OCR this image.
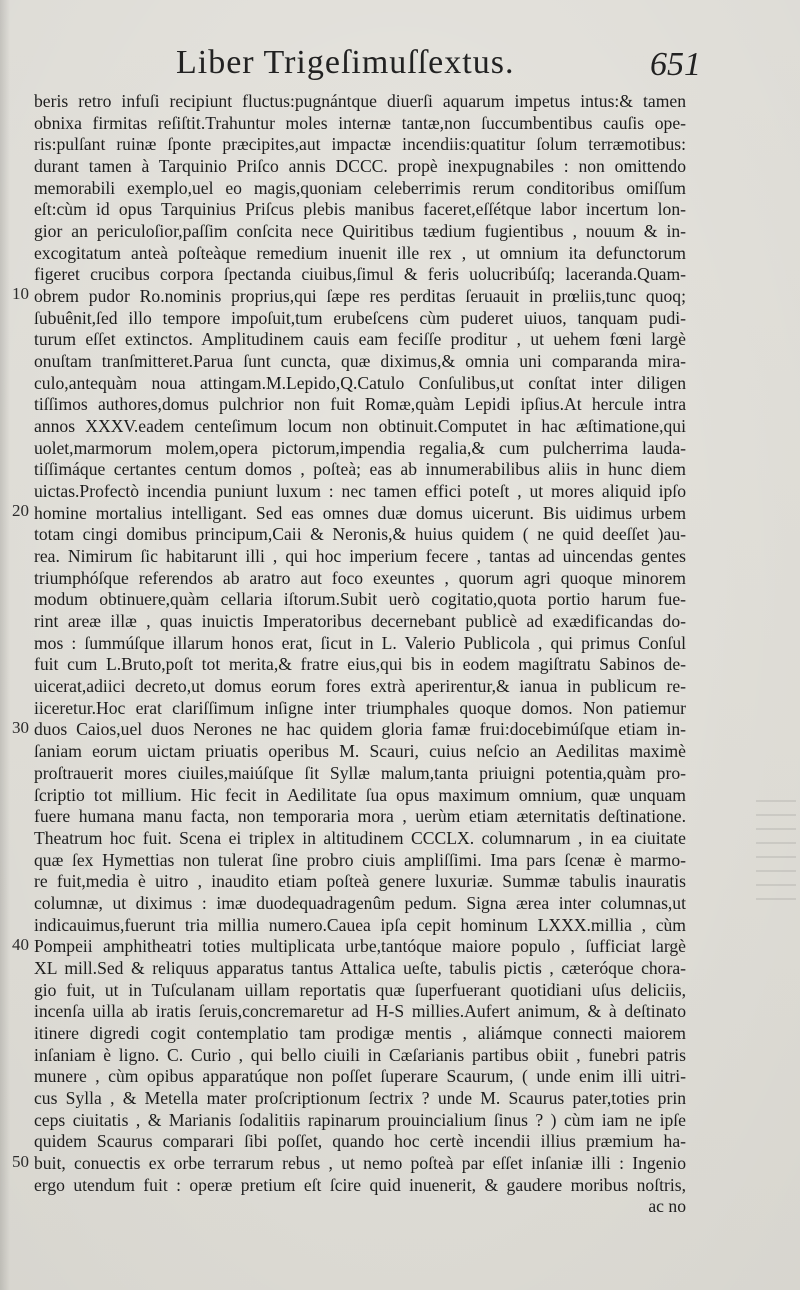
Liber Trigeſimuſſextus.	651
10
20
30
40
50
beris retro infuſi recipiunt fluctus:pugnántque diuerſi aquarum impetus intus:& tamen
obnixa firmitas reſiſtit.Trahuntur moles internæ tantæ,non ſuccumbentibus cauſis ope-
ris:pulſant ruinæ ſponte præcipites,aut impactæ incendiis:quatitur ſolum terræmotibus:
durant tamen à Tarquinio Priſco annis DCCC. propè inexpugnabiles : non omittendo
memorabili exemplo,uel eo magis,quoniam celeberrimis rerum conditoribus omiſſum
eſt:cùm id opus Tarquinius Priſcus plebis manibus faceret,eſſétque labor incertum lon-
gior an periculoſior,paſſim conſcita nece Quiritibus tædium fugientibus , nouum & in-
excogitatum anteà poſteàque remedium inuenit ille rex , ut omnium ita defunctorum
figeret crucibus corpora ſpectanda ciuibus,ſimul & feris uolucribúſq; laceranda.Quam-
obrem pudor Ro.nominis proprius,qui ſæpe res perditas ſeruauit in prœliis,tunc quoq;
ſubuênit,ſed illo tempore impoſuit,tum erubeſcens cùm puderet uiuos, tanquam pudi-
turum eſſet extinctos. Amplitudinem cauis eam feciſſe proditur , ut uehem fœni largè
onuſtam tranſmitteret.Parua ſunt cuncta, quæ diximus,& omnia uni comparanda mira-
culo,antequàm noua attingam.M.Lepido,Q.Catulo Conſulibus,ut conſtat inter diligen
tiſſimos authores,domus pulchrior non fuit Romæ,quàm Lepidi ipſius.At hercule intra
annos XXXV.eadem centeſimum locum non obtinuit.Computet in hac æſtimatione,qui
uolet,marmorum molem,opera pictorum,impendia regalia,& cum pulcherrima lauda-
tiſſimáque certantes centum domos , poſteà; eas ab innumerabilibus aliis in hunc diem
uictas.Profectò incendia puniunt luxum : nec tamen effici poteſt , ut mores aliquid ipſo
homine mortalius intelligant. Sed eas omnes duæ domus uicerunt. Bis uidimus urbem
totam cingi domibus principum,Caii & Neronis,& huius quidem ( ne quid deeſſet )au-
rea. Nimirum ſic habitarunt illi , qui hoc imperium fecere , tantas ad uincendas gentes
triumphóſque referendos ab aratro aut foco exeuntes , quorum agri quoque minorem
modum obtinuere,quàm cellaria iſtorum.Subit uerò cogitatio,quota portio harum fue-
rint areæ illæ , quas inuictis Imperatoribus decernebant publicè ad exædificandas do-
mos : ſummúſque illarum honos erat, ſicut in L. Valerio Publicola , qui primus Conſul
fuit cum L.Bruto,poſt tot merita,& fratre eius,qui bis in eodem magiſtratu Sabinos de-
uicerat,adiici decreto,ut domus eorum fores extrà aperirentur,& ianua in publicum re-
iiceretur.Hoc erat clariſſimum inſigne inter triumphales quoque domos. Non patiemur
duos Caios,uel duos Nerones ne hac quidem gloria famæ frui:docebimúſque etiam in-
ſaniam eorum uictam priuatis operibus M. Scauri, cuius neſcio an Aedilitas maximè
proſtrauerit mores ciuiles,maiúſque ſit Syllæ malum,tanta priuigni potentia,quàm pro-
ſcriptio tot millium. Hic fecit in Aedilitate ſua opus maximum omnium, quæ unquam
fuere humana manu facta, non temporaria mora , uerùm etiam æternitatis deſtinatione.
Theatrum hoc fuit. Scena ei triplex in altitudinem CCCLX. columnarum , in ea ciuitate
quæ ſex Hymettias non tulerat ſine probro ciuis ampliſſimi. Ima pars ſcenæ è marmo-
re fuit,media è uitro , inaudito etiam poſteà genere luxuriæ. Summæ tabulis inauratis
columnæ, ut diximus : imæ duodequadragenûm pedum. Signa ærea inter columnas,ut
indicauimus,fuerunt tria millia numero.Cauea ipſa cepit hominum LXXX.millia , cùm
Pompeii amphitheatri toties multiplicata urbe,tantóque maiore populo , ſufficiat largè
XL mill.Sed & reliquus apparatus tantus Attalica ueſte, tabulis pictis , cæteróque chora-
gio fuit, ut in Tuſculanam uillam reportatis quæ ſuperfuerant quotidiani uſus deliciis,
incenſa uilla ab iratis ſeruis,concremaretur ad H-S millies.Aufert animum, & à deſtinato
itinere digredi cogit contemplatio tam prodigæ mentis , aliámque connecti maiorem
inſaniam è ligno. C. Curio , qui bello ciuili in Cæſarianis partibus obiit , funebri patris
munere , cùm opibus apparatúque non poſſet ſuperare Scaurum, ( unde enim illi uitri-
cus Sylla , & Metella mater proſcriptionum ſectrix ? unde M. Scaurus pater,toties prin
ceps ciuitatis , & Marianis ſodalitiis rapinarum prouincialium ſinus ? ) cùm iam ne ipſe
quidem Scaurus comparari ſibi poſſet, quando hoc certè incendii illius præmium ha-
buit, conuectis ex orbe terrarum rebus , ut nemo poſteà par eſſet inſaniæ illi : Ingenio
ergo utendum fuit : operæ pretium eſt ſcire quid inuenerit, & gaudere moribus noſtris,
ac no
